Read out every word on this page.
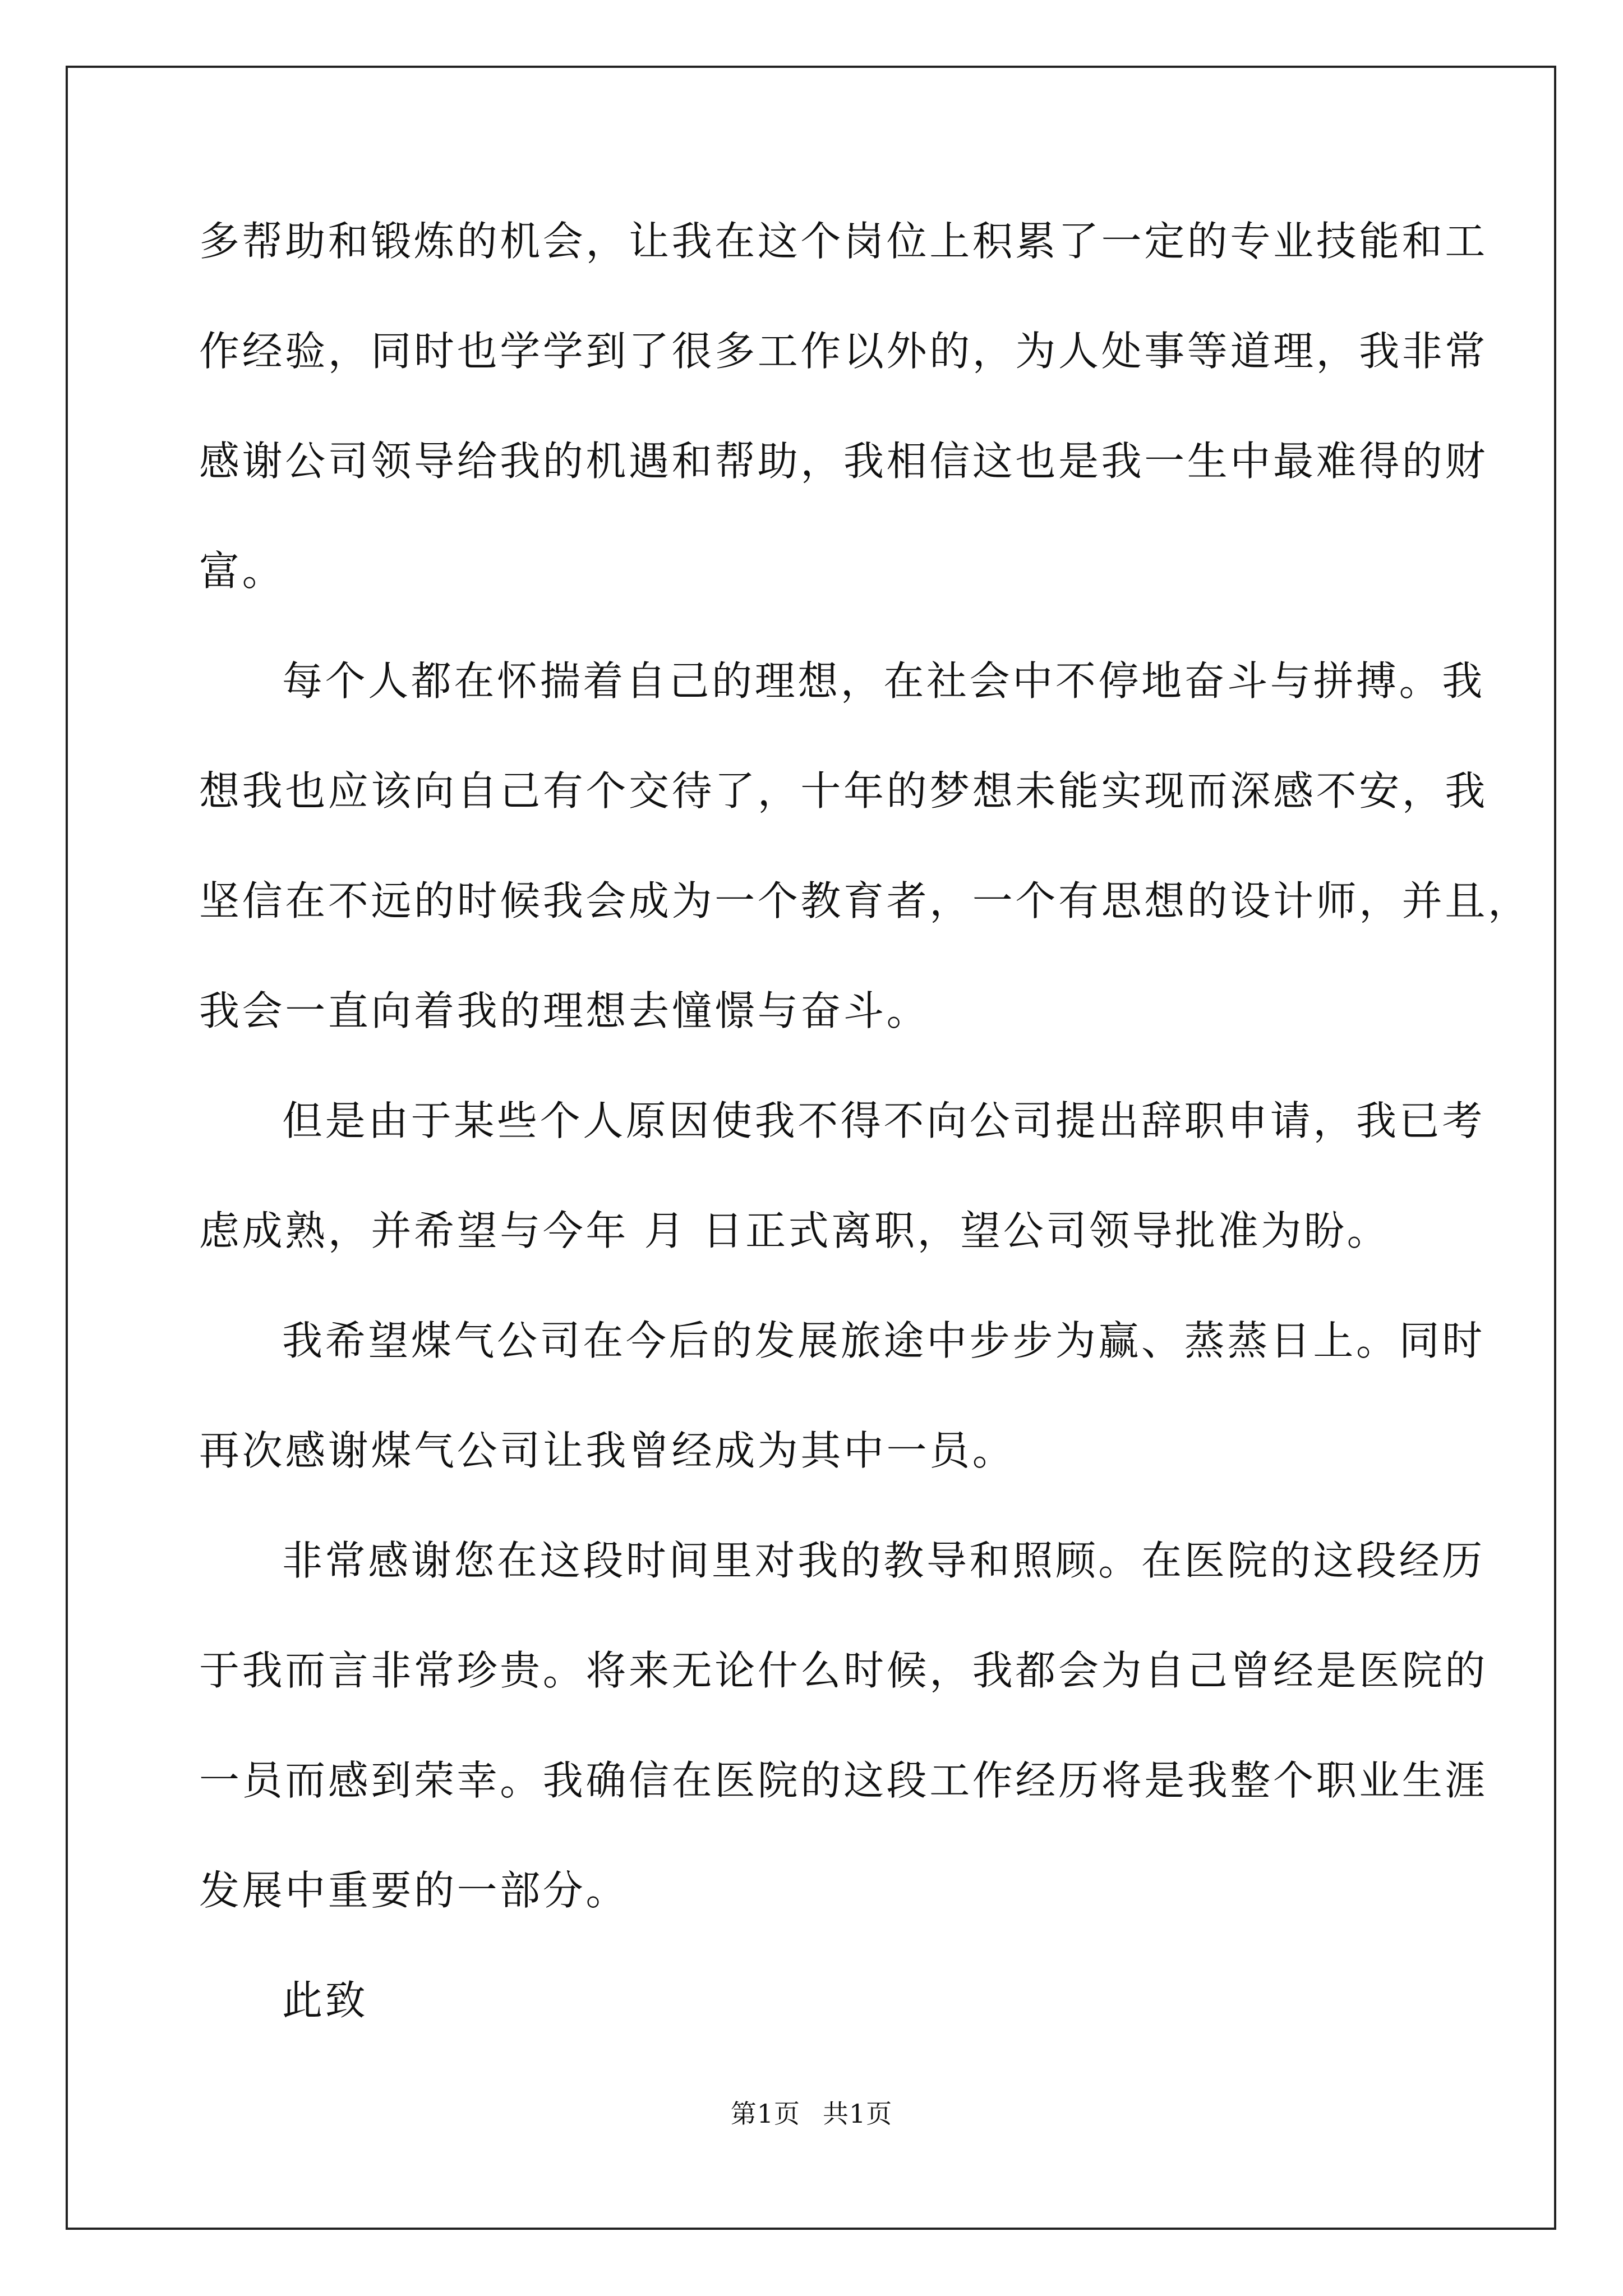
多帮助和锻炼的机会，让我在这个岗位上积累了一定的专业技能和工
作经验，同时也学学到了很多工作以外的，为人处事等道理，我非常
感谢公司领导给我的机遇和帮助，我相信这也是我一生中最难得的财
富。
每个人都在怀揣着自己的理想，在社会中不停地奋斗与拼搏。我
想我也应该向自己有个交待了，十年的梦想未能实现而深感不安，我
坚信在不远的时候我会成为一个教育者，一个有思想的设计师，并且，
我会一直向着我的理想去憧憬与奋斗。
但是由于某些个人原因使我不得不向公司提出辞职申请，我已考
虑成熟，并希望与今年 月 日正式离职，望公司领导批准为盼。
我希望煤气公司在今后的发展旅途中步步为赢、蒸蒸日上。同时
再次感谢煤气公司让我曾经成为其中一员。
非常感谢您在这段时间里对我的教导和照顾。在医院的这段经历
于我而言非常珍贵。将来无论什么时候，我都会为自己曾经是医院的
一员而感到荣幸。我确信在医院的这段工作经历将是我整个职业生涯
发展中重要的一部分。
此致
第1页 共1页
